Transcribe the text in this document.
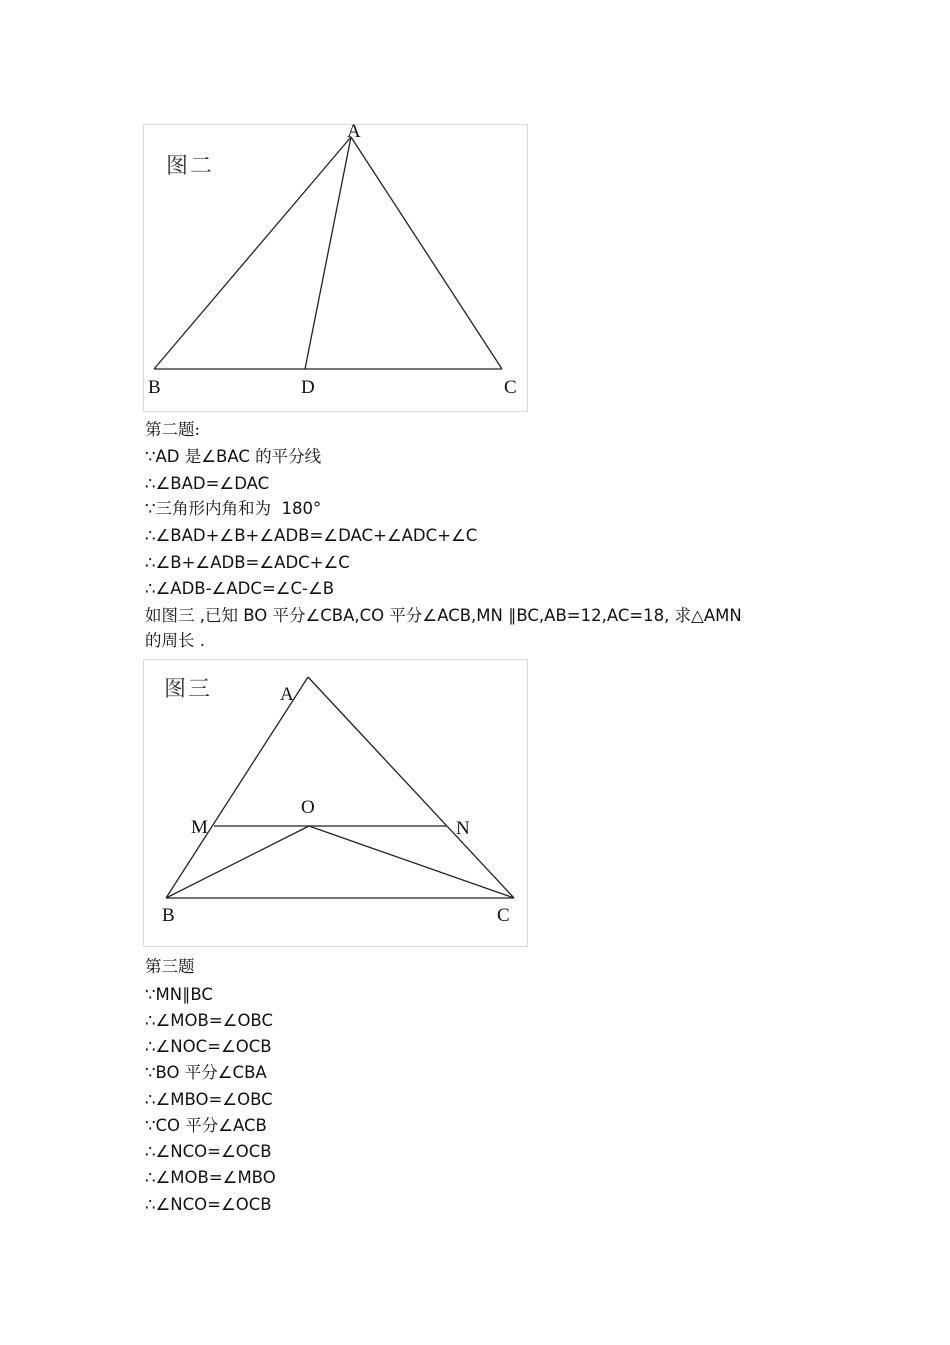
图二
A
B	D	C
第二题:
∵AD 是∠BAC 的平分线
∴∠BAD=∠DAC
∵三角形内角和为  180°
∴∠BAD+∠B+∠ADB=∠DAC+∠ADC+∠C
∴∠B+∠ADB=∠ADC+∠C
∴∠ADB-∠ADC=∠C-∠B
如图三 ,已知 BO 平分∠CBA,CO 平分∠ACB,MN ∥BC,AB=12,AC=18, 求△AMN
的周长 .
图三	A
M
O
N
B	C
第三题
∵MN∥BC
∴∠MOB=∠OBC
∴∠NOC=∠OCB
∵BO 平分∠CBA
∴∠MBO=∠OBC
∵CO 平分∠ACB
∴∠NCO=∠OCB
∴∠MOB=∠MBO
∴∠NCO=∠OCB
